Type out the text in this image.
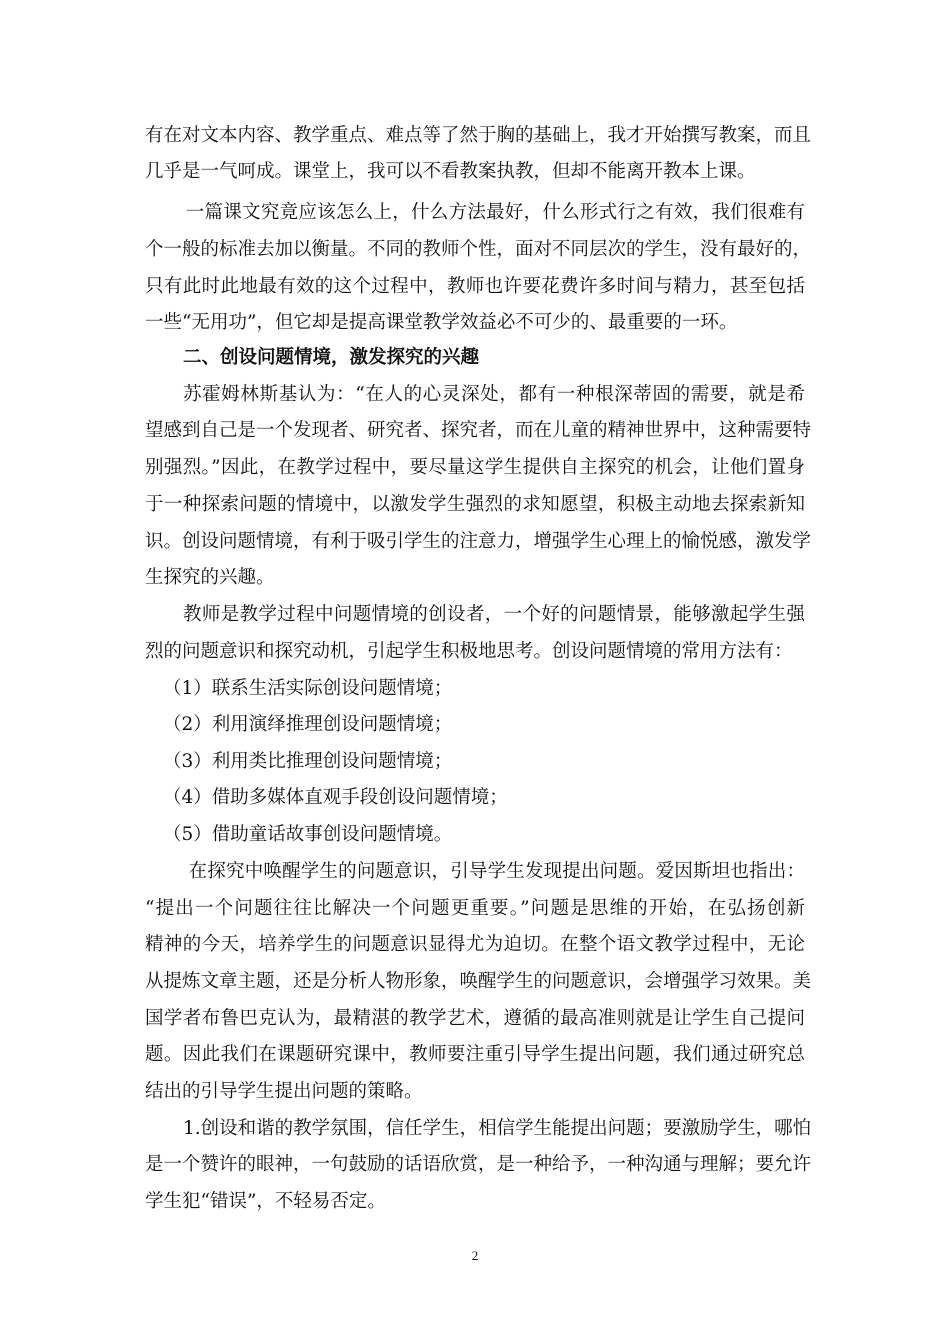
有在对文本内容、教学重点、难点等了然于胸的基础上，我才开始撰写教案，而且
几乎是一气呵成。课堂上，我可以不看教案执教，但却不能离开教本上课。
　一篇课文究竟应该怎么上，什么方法最好，什么形式行之有效，我们很难有
个一般的标准去加以衡量。不同的教师个性，面对不同层次的学生，没有最好的，
只有此时此地最有效的这个过程中，教师也许要花费许多时间与精力，甚至包括
一些“无用功”，但它却是提高课堂教学效益必不可少的、最重要的一环。
二、创设问题情境，激发探究的兴趣
苏霍姆林斯基认为：“在人的心灵深处，都有一种根深蒂固的需要，就是希
望感到自己是一个发现者、研究者、探究者，而在儿童的精神世界中，这种需要特
别强烈。”因此，在教学过程中，要尽量这学生提供自主探究的机会，让他们置身
于一种探索问题的情境中，以激发学生强烈的求知愿望，积极主动地去探索新知
识。创设问题情境，有利于吸引学生的注意力，增强学生心理上的愉悦感，激发学
生探究的兴趣。
教师是教学过程中问题情境的创设者，一个好的问题情景，能够激起学生强
烈的问题意识和探究动机，引起学生积极地思考。创设问题情境的常用方法有：
（1）联系生活实际创设问题情境；
（2）利用演绎推理创设问题情境；
（3）利用类比推理创设问题情境；
（4）借助多媒体直观手段创设问题情境；
（5）借助童话故事创设问题情境。
　在探究中唤醒学生的问题意识，引导学生发现提出问题。爱因斯坦也指出：
“提出一个问题往往比解决一个问题更重要。”问题是思维的开始，在弘扬创新
精神的今天，培养学生的问题意识显得尤为迫切。在整个语文教学过程中，无论
从提炼文章主题，还是分析人物形象，唤醒学生的问题意识，会增强学习效果。美
国学者布鲁巴克认为，最精湛的教学艺术，遵循的最高准则就是让学生自己提问
题。因此我们在课题研究课中，教师要注重引导学生提出问题，我们通过研究总
结出的引导学生提出问题的策略。
1.创设和谐的教学氛围，信任学生，相信学生能提出问题；要激励学生，哪怕
是一个赞许的眼神，一句鼓励的话语欣赏，是一种给予，一种沟通与理解；要允许
学生犯“错误”，不轻易否定。
2
